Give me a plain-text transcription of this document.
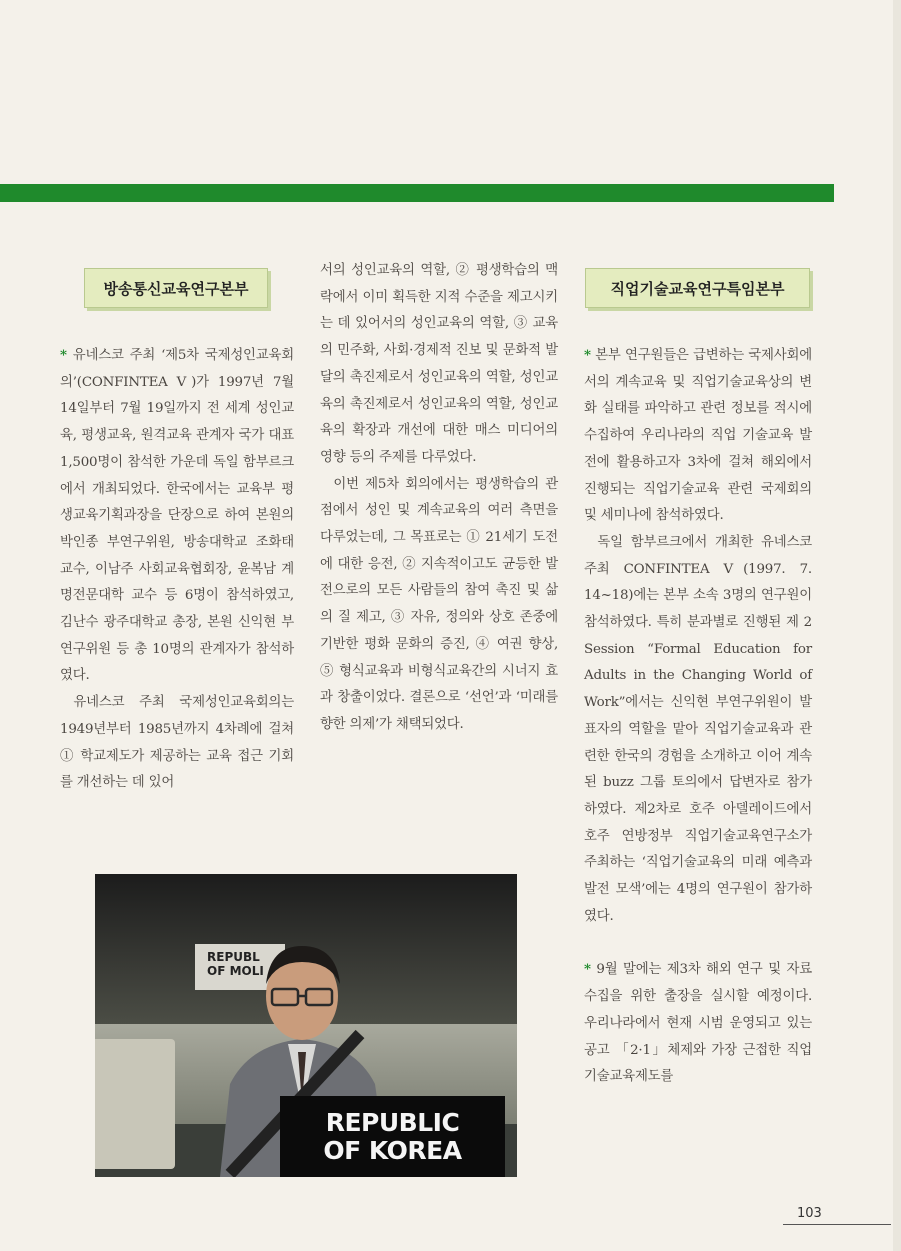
방송통신교육연구본부	직업기술교육연구특임본부

* 유네스코 주최 ‘제5차 국제성인교육회의’(CONFINTEA Ⅴ)가 1997년 7월 14일부터 7월 19일까지 전 세계 성인교육, 평생교육, 원격교육 관계자 국가 대표 1,500명이 참석한 가운데 독일 함부르크에서 개최되었다. 한국에서는 교육부 평생교육기획과장을 단장으로 하여 본원의 박인종 부연구위원, 방송대학교 조화태 교수, 이남주 사회교육협회장, 윤복남 계명전문대학 교수 등 6명이 참석하였고, 김난수 광주대학교 총장, 본원 신익현 부연구위원 등 총 10명의 관계자가 참석하였다.

유네스코 주최 국제성인교육회의는 1949년부터 1985년까지 4차례에 걸쳐 ① 학교제도가 제공하는 교육 접근 기회를 개선하는 데 있어

서의 성인교육의 역할, ② 평생학습의 맥락에서 이미 획득한 지적 수준을 제고시키는 데 있어서의 성인교육의 역할, ③ 교육의 민주화, 사회·경제적 진보 및 문화적 발달의 촉진제로서 성인교육의 역할, 성인교육의 촉진제로서 성인교육의 역할, 성인교육의 확장과 개선에 대한 매스 미디어의 영향 등의 주제를 다루었다.

이번 제5차 회의에서는 평생학습의 관점에서 성인 및 계속교육의 여러 측면을 다루었는데, 그 목표로는 ① 21세기 도전에 대한 응전, ② 지속적이고도 균등한 발전으로의 모든 사람들의 참여 촉진 및 삶의 질 제고, ③ 자유, 정의와 상호 존중에 기반한 평화 문화의 증진, ④ 여권 향상, ⑤ 형식교육과 비형식교육간의 시너지 효과 창출이었다. 결론으로 ‘선언’과 ‘미래를 향한 의제’가 채택되었다.

* 본부 연구원들은 급변하는 국제사회에서의 계속교육 및 직업기술교육상의 변화 실태를 파악하고 관련 정보를 적시에 수집하여 우리나라의 직업 기술교육 발전에 활용하고자 3차에 걸쳐 해외에서 진행되는 직업기술교육 관련 국제회의 및 세미나에 참석하였다.

독일 함부르크에서 개최한 유네스코 주최 CONFINTEA Ⅴ(1997. 7. 14~18)에는 본부 소속 3명의 연구원이 참석하였다. 특히 분과별로 진행된 제 2 Session “Formal Education for Adults in the Changing World of Work”에서는 신익현 부연구위원이 발표자의 역할을 맡아 직업기술교육과 관련한 한국의 경험을 소개하고 이어 계속된 buzz 그룹 토의에서 답변자로 참가하였다. 제2차로 호주 아델레이드에서 호주 연방정부 직업기술교육연구소가 주최하는 ‘직업기술교육의 미래 예측과 발전 모색’에는 4명의 연구원이 참가하였다.

* 9월 말에는 제3차 해외 연구 및 자료 수집을 위한 출장을 실시할 예정이다. 우리나라에서 현재 시범 운영되고 있는 공고 「2·1」체제와 가장 근접한 직업기술교육제도를

REPUBL
OF MOLI
REPUBLIC
OF KOREA
103
